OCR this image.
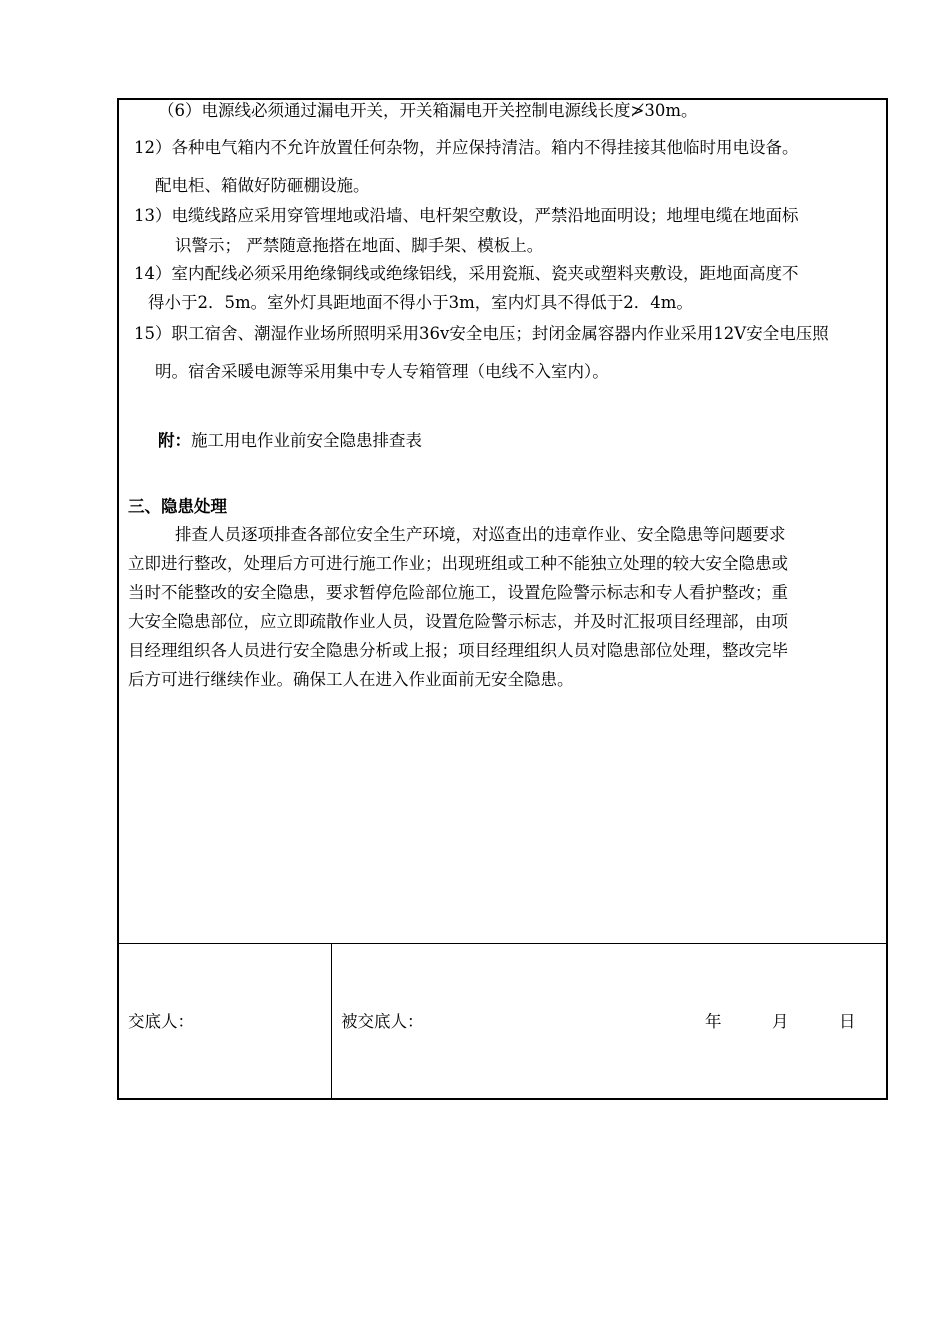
（6）电源线必须通过漏电开关，开关箱漏电开关控制电源线长度≯30m。
12）各种电气箱内不允许放置任何杂物，并应保持清洁。箱内不得挂接其他临时用电设备。
配电柜、箱做好防砸棚设施。
13）电缆线路应采用穿管埋地或沿墙、电杆架空敷设，严禁沿地面明设；地埋电缆在地面标
识警示； 严禁随意拖搭在地面、脚手架、模板上。
14）室内配线必须采用绝缘铜线或绝缘铝线，采用瓷瓶、瓷夹或塑料夹敷设，距地面高度不
得小于2．5m。室外灯具距地面不得小于3m，室内灯具不得低于2．4m。
15）职工宿舍、潮湿作业场所照明采用36v安全电压；封闭金属容器内作业采用12V安全电压照
明。宿舍采暖电源等采用集中专人专箱管理（电线不入室内）。
附：施工用电作业前安全隐患排查表
三、隐患处理
排查人员逐项排查各部位安全生产环境，对巡查出的违章作业、安全隐患等问题要求
立即进行整改，处理后方可进行施工作业；出现班组或工种不能独立处理的较大安全隐患或
当时不能整改的安全隐患，要求暂停危险部位施工，设置危险警示标志和专人看护整改；重
大安全隐患部位，应立即疏散作业人员，设置危险警示标志，并及时汇报项目经理部，由项
目经理组织各人员进行安全隐患分析或上报；项目经理组织人员对隐患部位处理，整改完毕
后方可进行继续作业。确保工人在进入作业面前无安全隐患。
交底人：	被交底人：	年	月	日
